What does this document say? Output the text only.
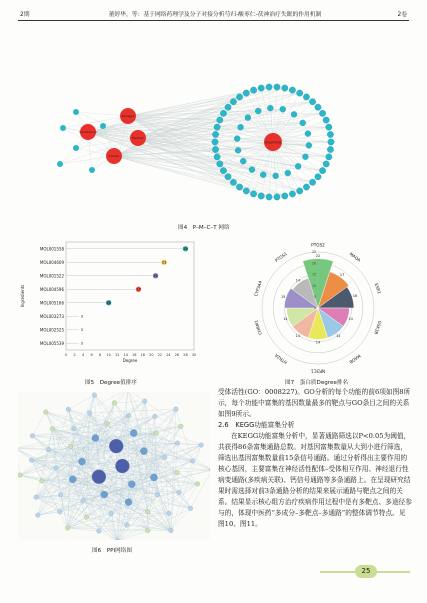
2期	董婷华，等：基于网络药理学及分子对接分析芍归-酸枣仁-茯神治疗失眠的作用机制	2卷
Insomnia
Suanzaoren
Baishao
Fushen
Danggui
图4　P–M–C–T 网络
MOL001558	28
MOL004609	23
MOL001522	21
MOL004596	17
MOL005166	10
MOL003273	3
MOL002525	3
MOL005539	3
0 2 4 6 8 10 12 14 16 18 20 22 24 26 28 30
Degree
Ingredients
图5　Degree值排序
22
PTGS2
17
MAOA
16
ESR1
14
GSK3B
14
MAOB
14
NR3C1
14
HTR2A
14
CHRM1
15
CYP3A4	14
PTGS1
0
5
10
15
20
25
图7　蛋白质Degree排名
图6　PPI网络图

受体活性(GO：0008227)。GO分析的每个功能的前6项如图8所示，每个功能中富集的基因数量最多的靶点与GO条目之间的关系如图9所示。

2.6　KEGG功能富集分析

在KEGG功能富集分析中，显著通路筛选以P<0.05为阈值，共获得86条富集通路总数。对基因富集数量从大到小进行筛选，筛选出基因富集数量前15条信号通路。通过分析得出主要作用的核心基因，主要富集在神经活性配体–受体相互作用、神经退行性病变通路(多疾病关联)、钙信号通路等多条通路上。在呈现研究结果时需选择对前3条通路分析的结果来展示通路与靶点之间的关系。结果显示核心组方治疗疾病作用过程中是有多靶点、多途径参与的，体现中医药“多成分–多靶点–多通路”的整体调节特点。见图10、图11。

25
